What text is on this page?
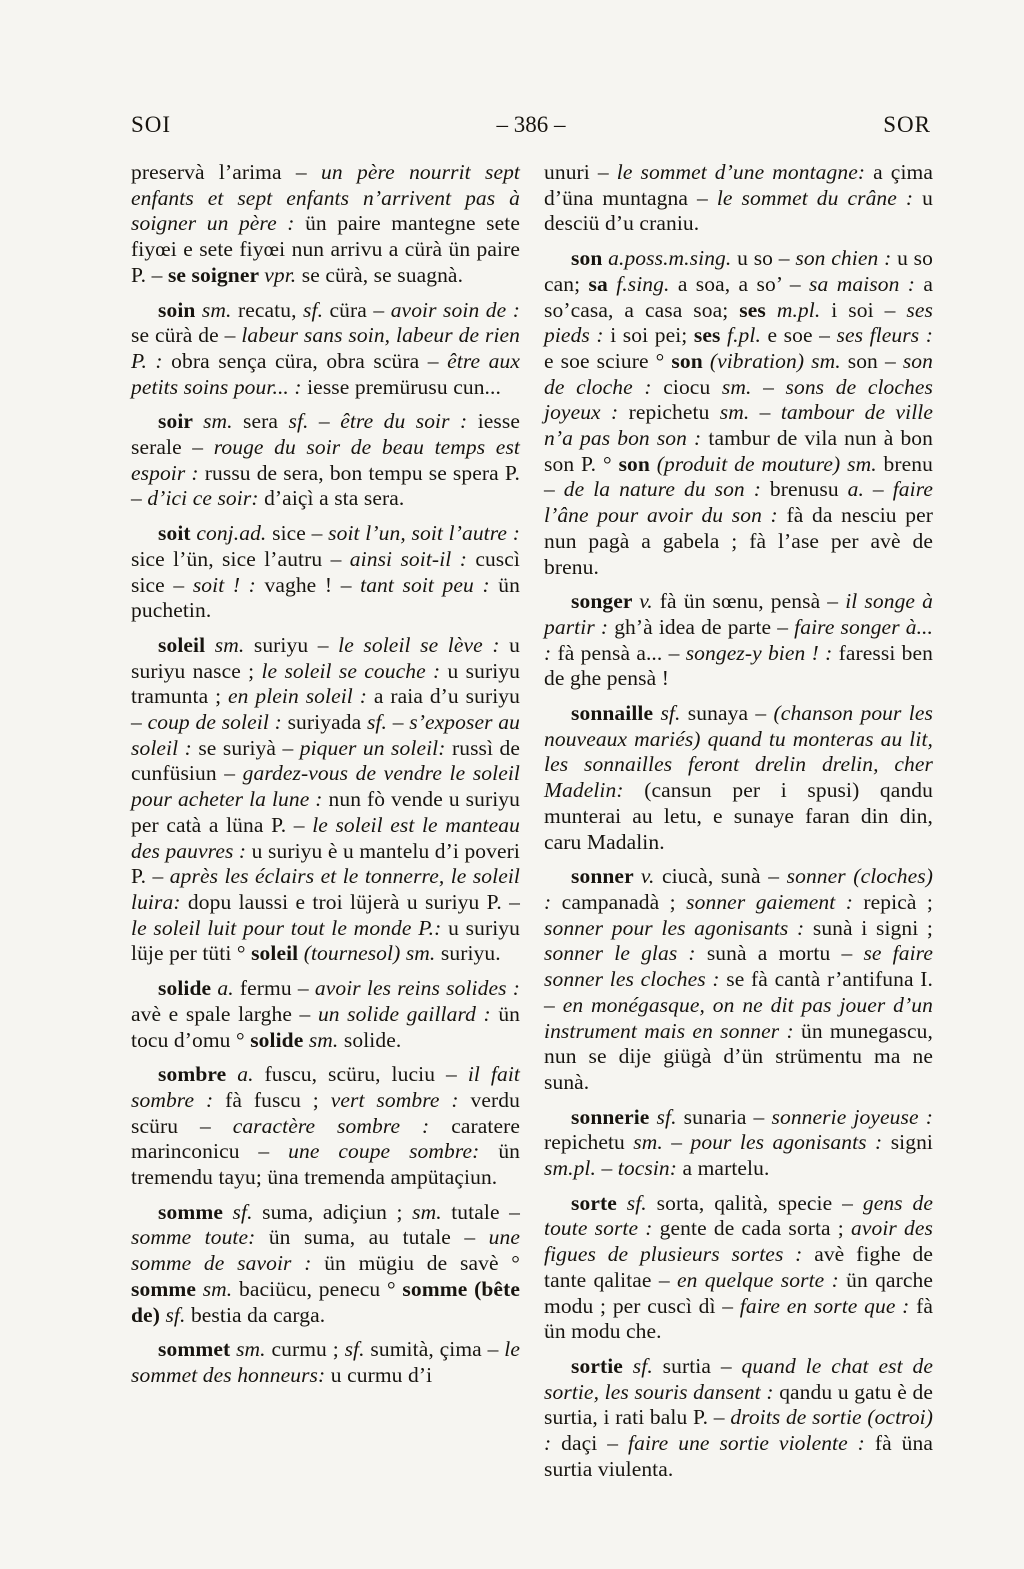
SOI	– 386 –	SOR

preservà l’arima – un père nourrit sept enfants et sept enfants n’arrivent pas à soigner un père : ün paire mantegne sete fiyœi e sete fiyœi nun arrivu a cürà ün paire P. – se soigner vpr. se cürà, se suagnà.

soin sm. recatu, sf. cüra – avoir soin de : se cürà de – labeur sans soin, labeur de rien P. : obra sença cüra, obra scüra – être aux petits soins pour... : iesse premürusu cun...

soir sm. sera sf. – être du soir : iesse serale – rouge du soir de beau temps est espoir : russu de sera, bon tempu se spera P. – d’ici ce soir: d’aiçì a sta sera.

soit conj.ad. sice – soit l’un, soit l’autre : sice l’ün, sice l’autru – ainsi soit-il : cuscì sice – soit ! : vaghe ! – tant soit peu : ün puchetin.

soleil sm. suriyu – le soleil se lève : u suriyu nasce ; le soleil se couche : u suriyu tramunta ; en plein soleil : a raia d’u suriyu – coup de soleil : suriyada sf. – s’exposer au soleil : se suriyà – piquer un soleil: russì de cunfüsiun – gardez-vous de vendre le soleil pour acheter la lune : nun fò vende u suriyu per catà a lüna P. – le soleil est le manteau des pauvres : u suriyu è u mantelu d’i poveri P. – après les éclairs et le tonnerre, le soleil luira: dopu laussi e troi lüjerà u suriyu P. – le soleil luit pour tout le monde P.: u suriyu lüje per tüti ° soleil (tournesol) sm. suriyu.

solide a. fermu – avoir les reins solides : avè e spale larghe – un solide gaillard : ün tocu d’omu ° solide sm. solide.

sombre a. fuscu, scüru, luciu – il fait sombre : fà fuscu ; vert sombre : verdu scüru – caractère sombre : caratere marinconicu – une coupe sombre: ün tremendu tayu; üna tremenda ampütaçiun.

somme sf. suma, adiçiun ; sm. tutale – somme toute: ün suma, au tutale – une somme de savoir : ün mügiu de savè ° somme sm. baciücu, penecu ° somme (bête de) sf. bestia da carga.

sommet sm. curmu ; sf. sumità, çima – le sommet des honneurs: u curmu d’i

unuri – le sommet d’une montagne: a çima d’üna muntagna – le sommet du crâne : u desciü d’u craniu.

son a.poss.m.sing. u so – son chien : u so can; sa f.sing. a soa, a so’ – sa maison : a so’casa, a casa soa; ses m.pl. i soi – ses pieds : i soi pei; ses f.pl. e soe – ses fleurs : e soe sciure ° son (vibration) sm. son – son de cloche : ciocu sm. – sons de cloches joyeux : repichetu sm. – tambour de ville n’a pas bon son : tambur de vila nun à bon son P. ° son (produit de mouture) sm. brenu – de la nature du son : brenusu a. – faire l’âne pour avoir du son : fà da nesciu per nun pagà a gabela ; fà l’ase per avè de brenu.

songer v. fà ün sœnu, pensà – il songe à partir : gh’à idea de parte – faire songer à... : fà pensà a... – songez-y bien ! : faressi ben de ghe pensà !

sonnaille sf. sunaya – (chanson pour les nouveaux mariés) quand tu monteras au lit, les sonnailles feront drelin drelin, cher Madelin: (cansun per i spusi) qandu munterai au letu, e sunaye faran din din, caru Madalin.

sonner v. ciucà, sunà – sonner (cloches) : campanadà ; sonner gaiement : repicà ; sonner pour les agonisants : sunà i signi ; sonner le glas : sunà a mortu – se faire sonner les cloches : se fà cantà r’antifuna I. – en monégasque, on ne dit pas jouer d’un instrument mais en sonner : ün munegascu, nun se dije giügà d’ün strümentu ma ne sunà.

sonnerie sf. sunaria – sonnerie joyeuse : repichetu sm. – pour les agonisants : signi sm.pl. – tocsin: a martelu.

sorte sf. sorta, qalità, specie – gens de toute sorte : gente de cada sorta ; avoir des figues de plusieurs sortes : avè fighe de tante qalitae – en quelque sorte : ün qarche modu ; per cuscì dì – faire en sorte que : fà ün modu che.

sortie sf. surtia – quand le chat est de sortie, les souris dansent : qandu u gatu è de surtia, i rati balu P. – droits de sortie (octroi) : daçi – faire une sortie violente : fà üna surtia viulenta.
